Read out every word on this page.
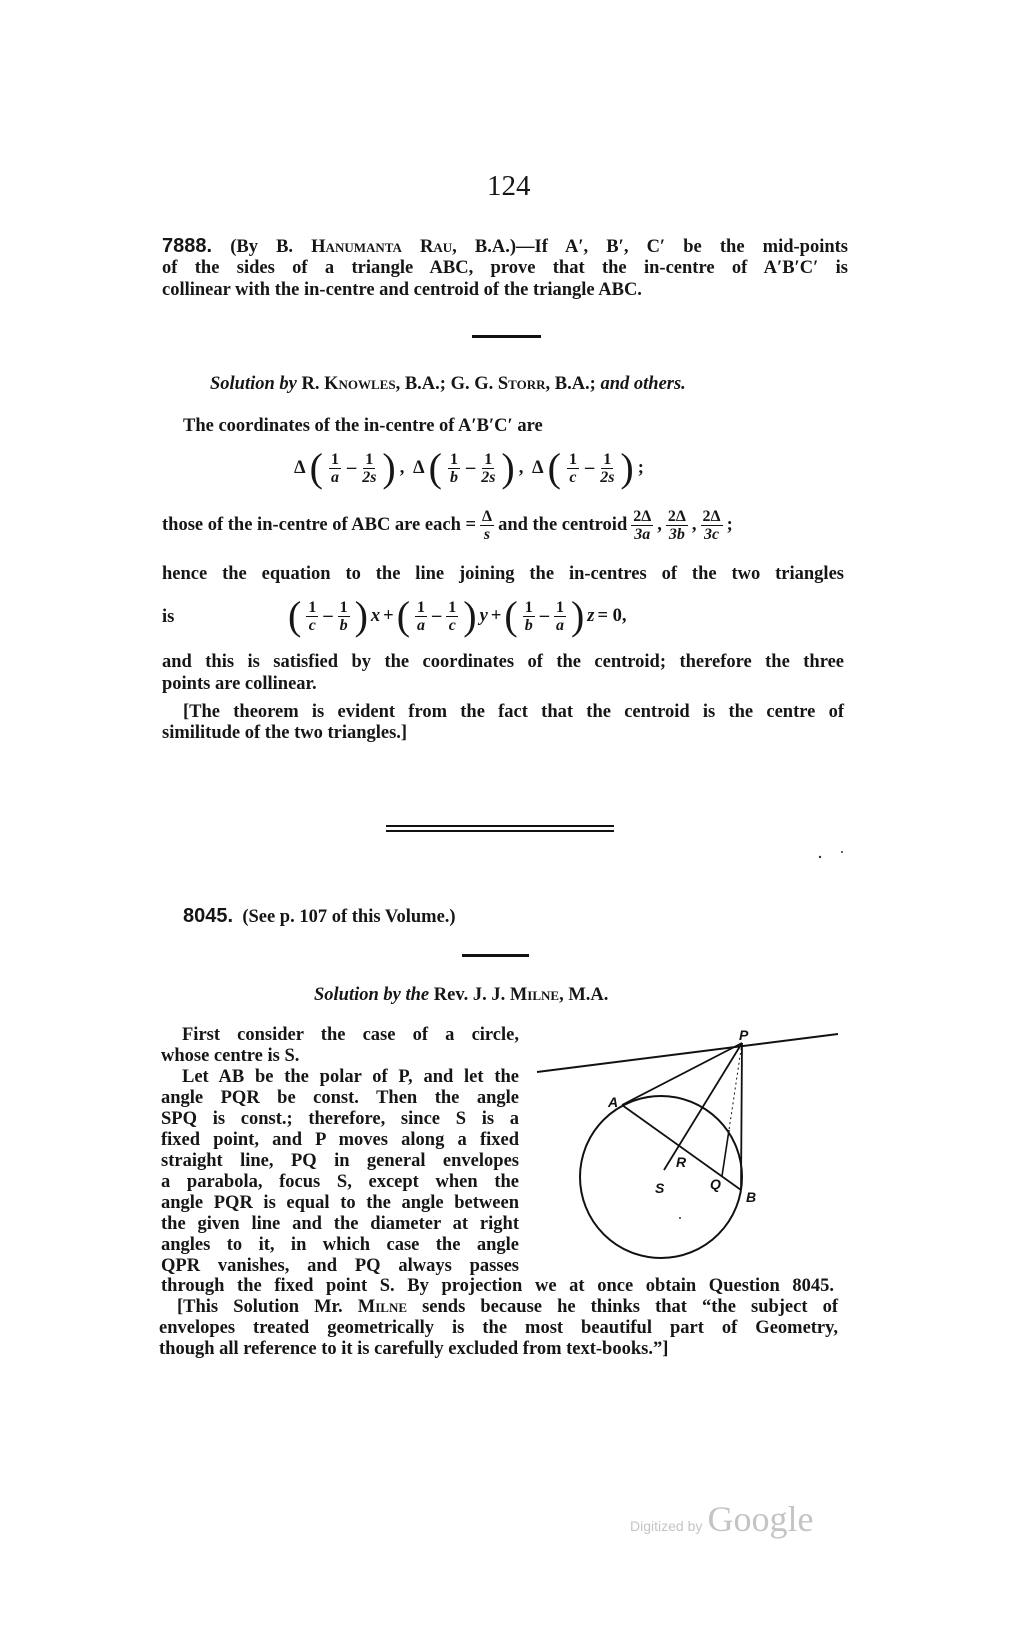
124
7888. (By B. Hanumanta Rau, B.A.)—If A′, B′, C′ be the mid-points
of the sides of a triangle ABC, prove that the in-centre of A′B′C′ is
collinear with the in-centre and centroid of the triangle ABC.
Solution by R. Knowles, B.A.; G. G. Storr, B.A.; and others.
The coordinates of the in-centre of A′B′C′ are
Δ ( $\frac{1}{a} - \frac{1}{2s}$ ) , Δ ( $\frac{1}{b} - \frac{1}{2s}$ ) , Δ ( $\frac{1}{c} - \frac{1}{2s}$ ) ;
those of the in-centre of ABC are each = $\frac{\Delta}{s}$ and the centroid $\frac{2\Delta}{3a}$ , $\frac{2\Delta}{3b}$ , $\frac{2\Delta}{3c}$ ;
hence the equation to the line joining the in-centres of the two triangles
is	( $\frac{1}{c} - \frac{1}{b}$ ) x + ( $\frac{1}{a} - \frac{1}{c}$ ) y + ( $\frac{1}{b} - \frac{1}{a}$ ) z = 0,
and this is satisfied by the coordinates of the centroid; therefore the three
points are collinear.
[The theorem is evident from the fact that the centroid is the centre of
similitude of the two triangles.]
8045. (See p. 107 of this Volume.)
Solution by the Rev. J. J. Milne, M.A.

First consider the case of a circle,

whose centre is S.

Let AB be the polar of P, and let the

angle PQR be const. Then the angle

SPQ is const.; therefore, since S is a

fixed point, and P moves along a fixed

straight line, PQ in general envelopes

a parabola, focus S, except when the

angle PQR is equal to the angle between

the given line and the diameter at right

angles to it, in which case the angle

QPR vanishes, and PQ always passes

P
A
B
R
S	Q
through the fixed point S. By projection we at once obtain Question 8045.
[This Solution Mr. Milne sends because he thinks that “the subject of
envelopes treated geometrically is the most beautiful part of Geometry,
though all reference to it is carefully excluded from text-books.”]
Digitized by Google
